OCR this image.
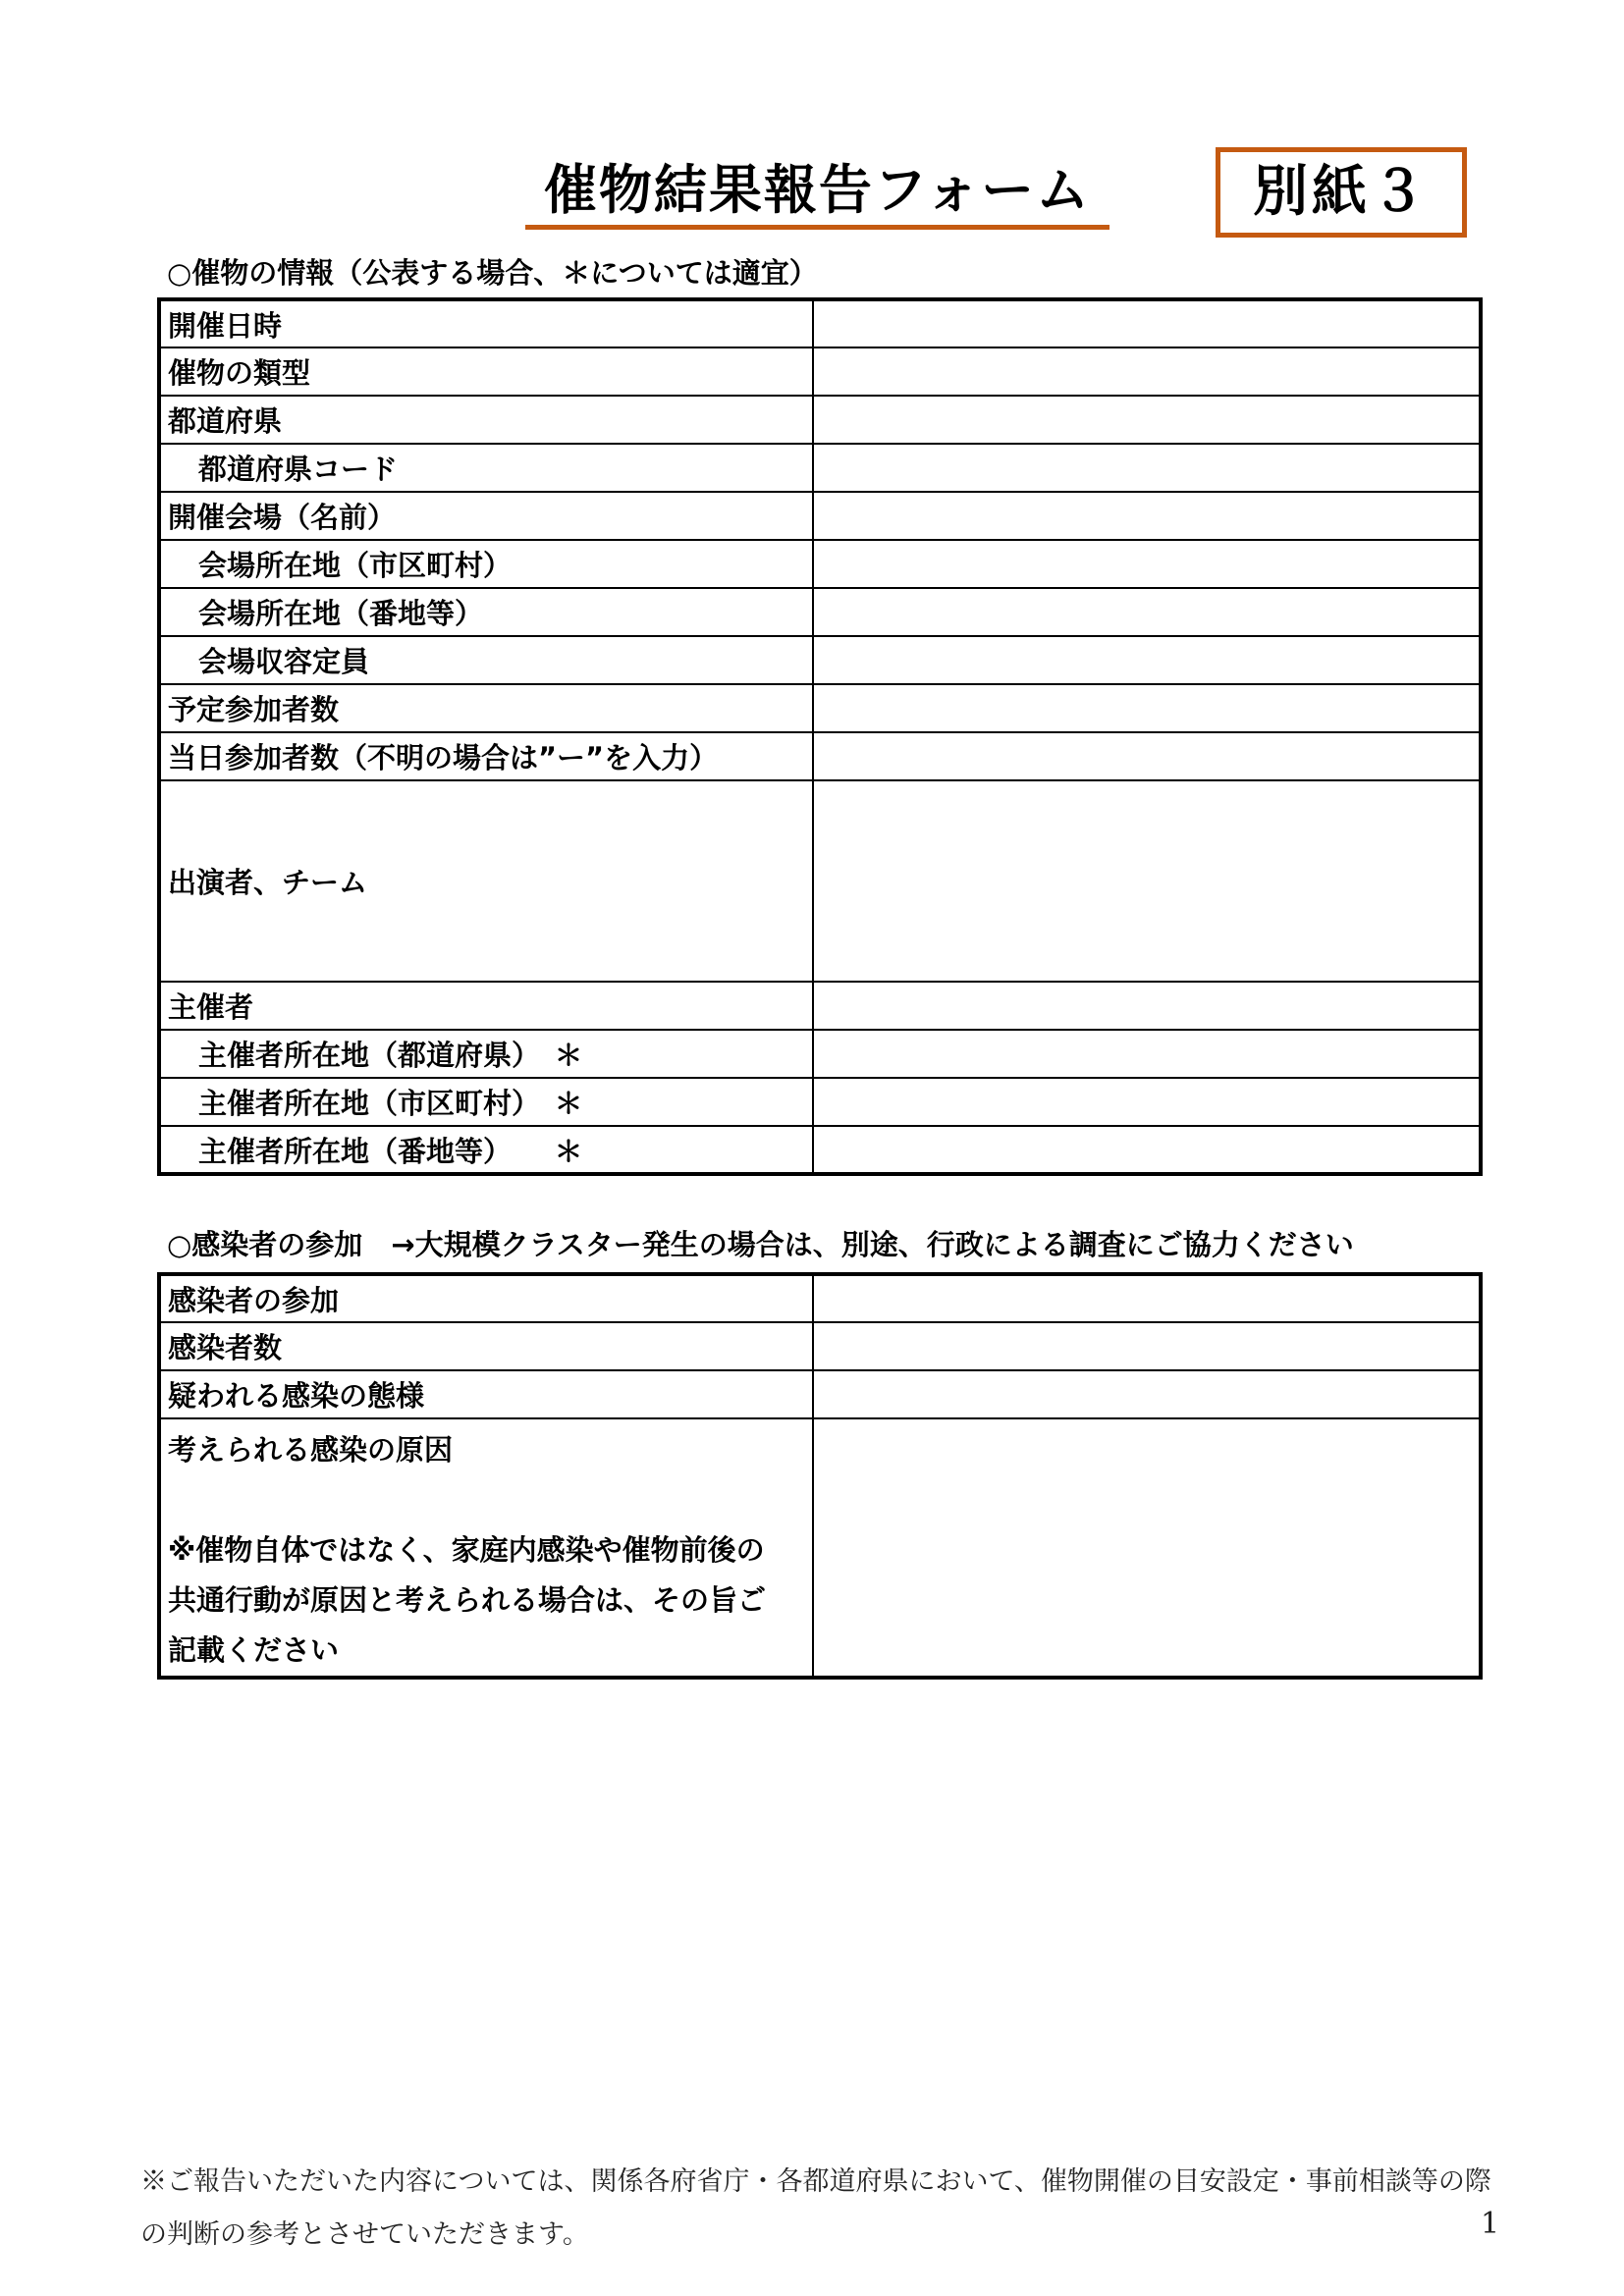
催物結果報告フォーム	別紙３
○催物の情報（公表する場合、＊については適宜）
開催日時	
催物の類型	
都道府県	
都道府県コード	
開催会場（名前）	
会場所在地（市区町村）	
会場所在地（番地等）	
会場収容定員	
予定参加者数	
当日参加者数（不明の場合は”ー”を入力）	
出演者、チーム	
主催者	
主催者所在地（都道府県）　＊	
主催者所在地（市区町村）　＊	
主催者所在地（番地等）　　＊	
○感染者の参加　→大規模クラスター発生の場合は、別途、行政による調査にご協力ください
感染者の参加	
感染者数	
疑われる感染の態様	
考えられる感染の原因

※催物自体ではなく、家庭内感染や催物前後の
共通行動が原因と考えられる場合は、その旨ご
記載ください	
※ご報告いただいた内容については、関係各府省庁・各都道府県において、催物開催の目安設定・事前相談等の際の判断の参考とさせていただきます。	1
